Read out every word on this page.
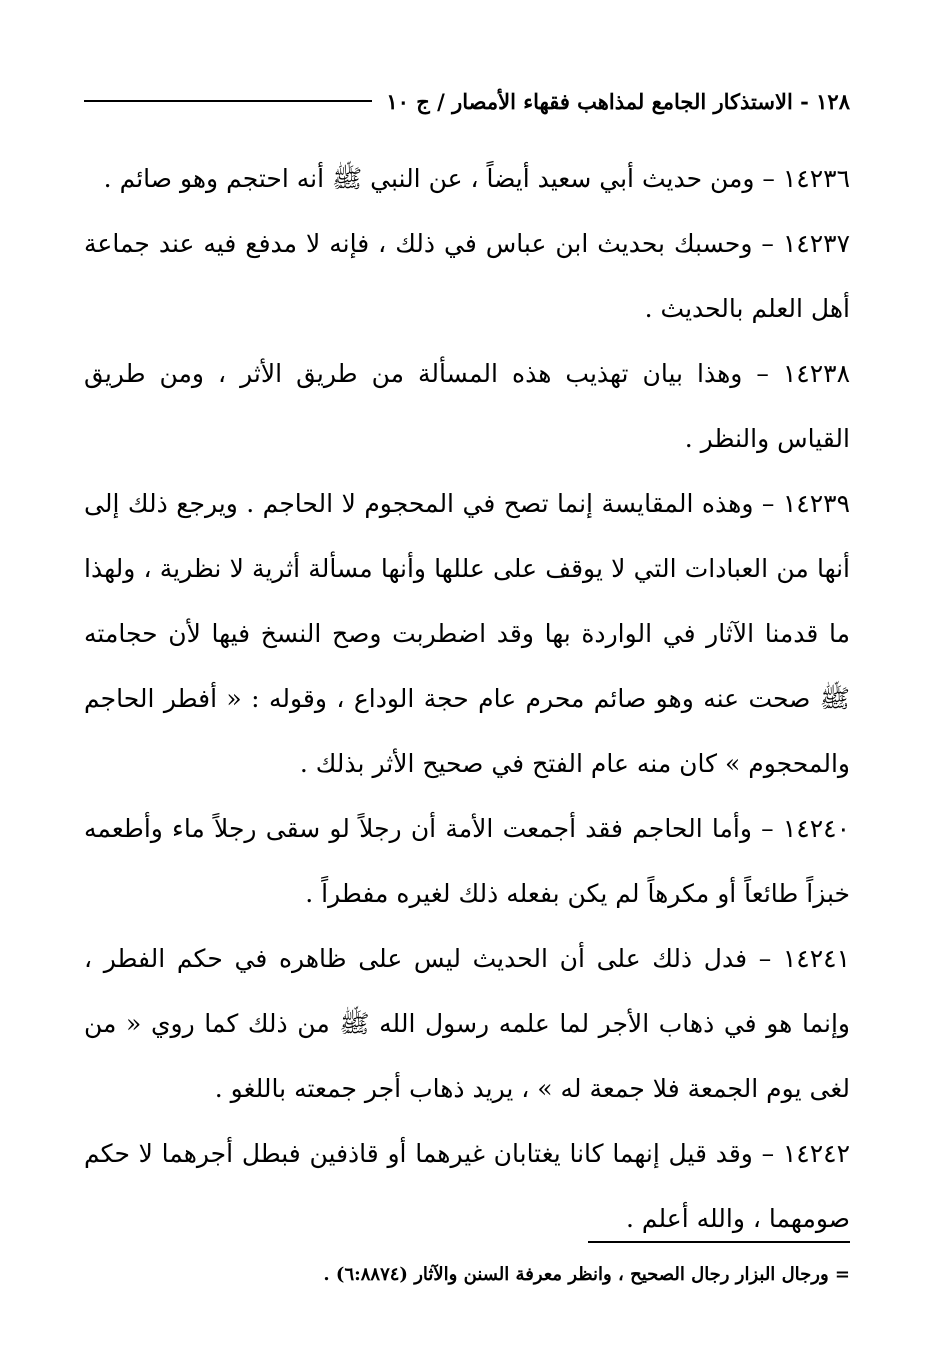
١٢٨ - الاستذكار الجامع لمذاهب فقهاء الأمصار / ج ١٠

١٤٢٣٦ – ومن حديث أبي سعيد أيضاً ، عن النبي ﷺ أنه احتجم وهو صائم .

١٤٢٣٧ – وحسبك بحديث ابن عباس في ذلك ، فإنه لا مدفع فيه عند جماعة أهل العلم بالحديث .

١٤٢٣٨ – وهذا بيان تهذيب هذه المسألة من طريق الأثر ، ومن طريق القياس والنظر .

١٤٢٣٩ – وهذه المقايسة إنما تصح في المحجوم لا الحاجم . ويرجع ذلك إلى أنها من العبادات التي لا يوقف على عللها وأنها مسألة أثرية لا نظرية ، ولهذا ما قدمنا الآثار في الواردة بها وقد اضطربت وصح النسخ فيها لأن حجامته ﷺ صحت عنه وهو صائم محرم عام حجة الوداع ، وقوله : « أفطر الحاجم والمحجوم » كان منه عام الفتح في صحيح الأثر بذلك .

١٤٢٤٠ – وأما الحاجم فقد أجمعت الأمة أن رجلاً لو سقى رجلاً ماء وأطعمه خبزاً طائعاً أو مكرهاً لم يكن بفعله ذلك لغيره مفطراً .

١٤٢٤١ – فدل ذلك على أن الحديث ليس على ظاهره في حكم الفطر ، وإنما هو في ذهاب الأجر لما علمه رسول الله ﷺ من ذلك كما روي « من لغى يوم الجمعة فلا جمعة له » ، يريد ذهاب أجر جمعته باللغو .

١٤٢٤٢ – وقد قيل إنهما كانا يغتابان غيرهما أو قاذفين فبطل أجرهما لا حكم صومهما ، والله أعلم .

= ورجال البزار رجال الصحيح ، وانظر معرفة السنن والآثار (٦:٨٨٧٤) .
